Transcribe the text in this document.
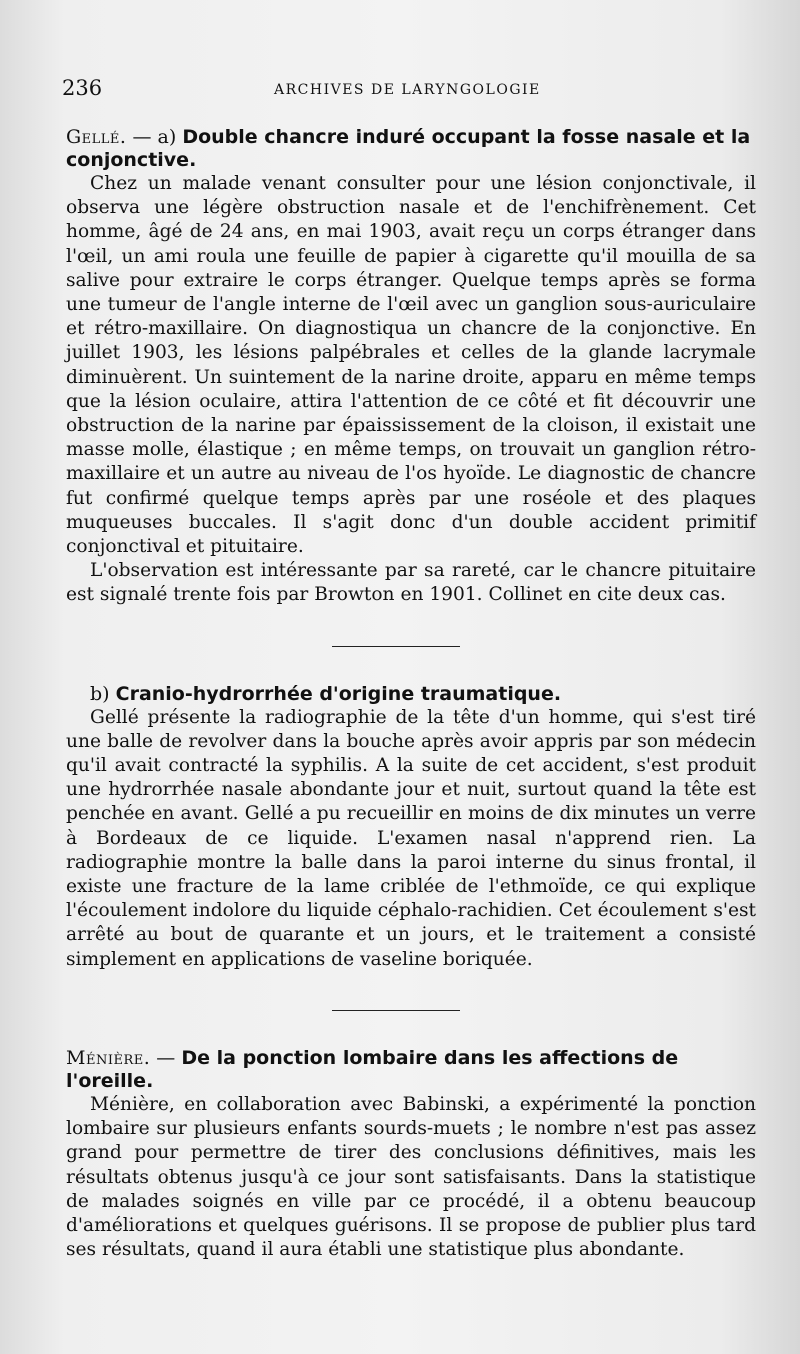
236	ARCHIVES DE LARYNGOLOGIE

Gellé. — a) Double chancre induré occupant la fosse nasale et la conjonctive.

Chez un malade venant consulter pour une lésion conjonctivale, il observa une légère obstruction nasale et de l'enchifrènement. Cet homme, âgé de 24 ans, en mai 1903, avait reçu un corps étranger dans l'œil, un ami roula une feuille de papier à cigarette qu'il mouilla de sa salive pour extraire le corps étranger. Quelque temps après se forma une tumeur de l'angle interne de l'œil avec un ganglion sous-auriculaire et rétro-maxillaire. On diagnostiqua un chancre de la conjonctive. En juillet 1903, les lésions palpébrales et celles de la glande lacrymale diminuèrent. Un suintement de la narine droite, apparu en même temps que la lésion oculaire, attira l'attention de ce côté et fit découvrir une obstruction de la narine par épaississement de la cloison, il existait une masse molle, élastique ; en même temps, on trouvait un ganglion rétro-maxillaire et un autre au niveau de l'os hyoïde. Le diagnostic de chancre fut confirmé quelque temps après par une roséole et des plaques muqueuses buccales. Il s'agit donc d'un double accident primitif conjonctival et pituitaire.

L'observation est intéressante par sa rareté, car le chancre pituitaire est signalé trente fois par Browton en 1901. Collinet en cite deux cas.

b) Cranio-hydrorrhée d'origine traumatique.

Gellé présente la radiographie de la tête d'un homme, qui s'est tiré une balle de revolver dans la bouche après avoir appris par son médecin qu'il avait contracté la syphilis. A la suite de cet accident, s'est produit une hydrorrhée nasale abondante jour et nuit, surtout quand la tête est penchée en avant. Gellé a pu recueillir en moins de dix minutes un verre à Bordeaux de ce liquide. L'examen nasal n'apprend rien. La radiographie montre la balle dans la paroi interne du sinus frontal, il existe une fracture de la lame criblée de l'ethmoïde, ce qui explique l'écoulement indolore du liquide céphalo-rachidien. Cet écoulement s'est arrêté au bout de quarante et un jours, et le traitement a consisté simplement en applications de vaseline boriquée.

Ménière. — De la ponction lombaire dans les affections de l'oreille.

Ménière, en collaboration avec Babinski, a expérimenté la ponction lombaire sur plusieurs enfants sourds-muets ; le nombre n'est pas assez grand pour permettre de tirer des conclusions définitives, mais les résultats obtenus jusqu'à ce jour sont satisfaisants. Dans la statistique de malades soignés en ville par ce procédé, il a obtenu beaucoup d'améliorations et quelques guérisons. Il se propose de publier plus tard ses résultats, quand il aura établi une statistique plus abondante.
